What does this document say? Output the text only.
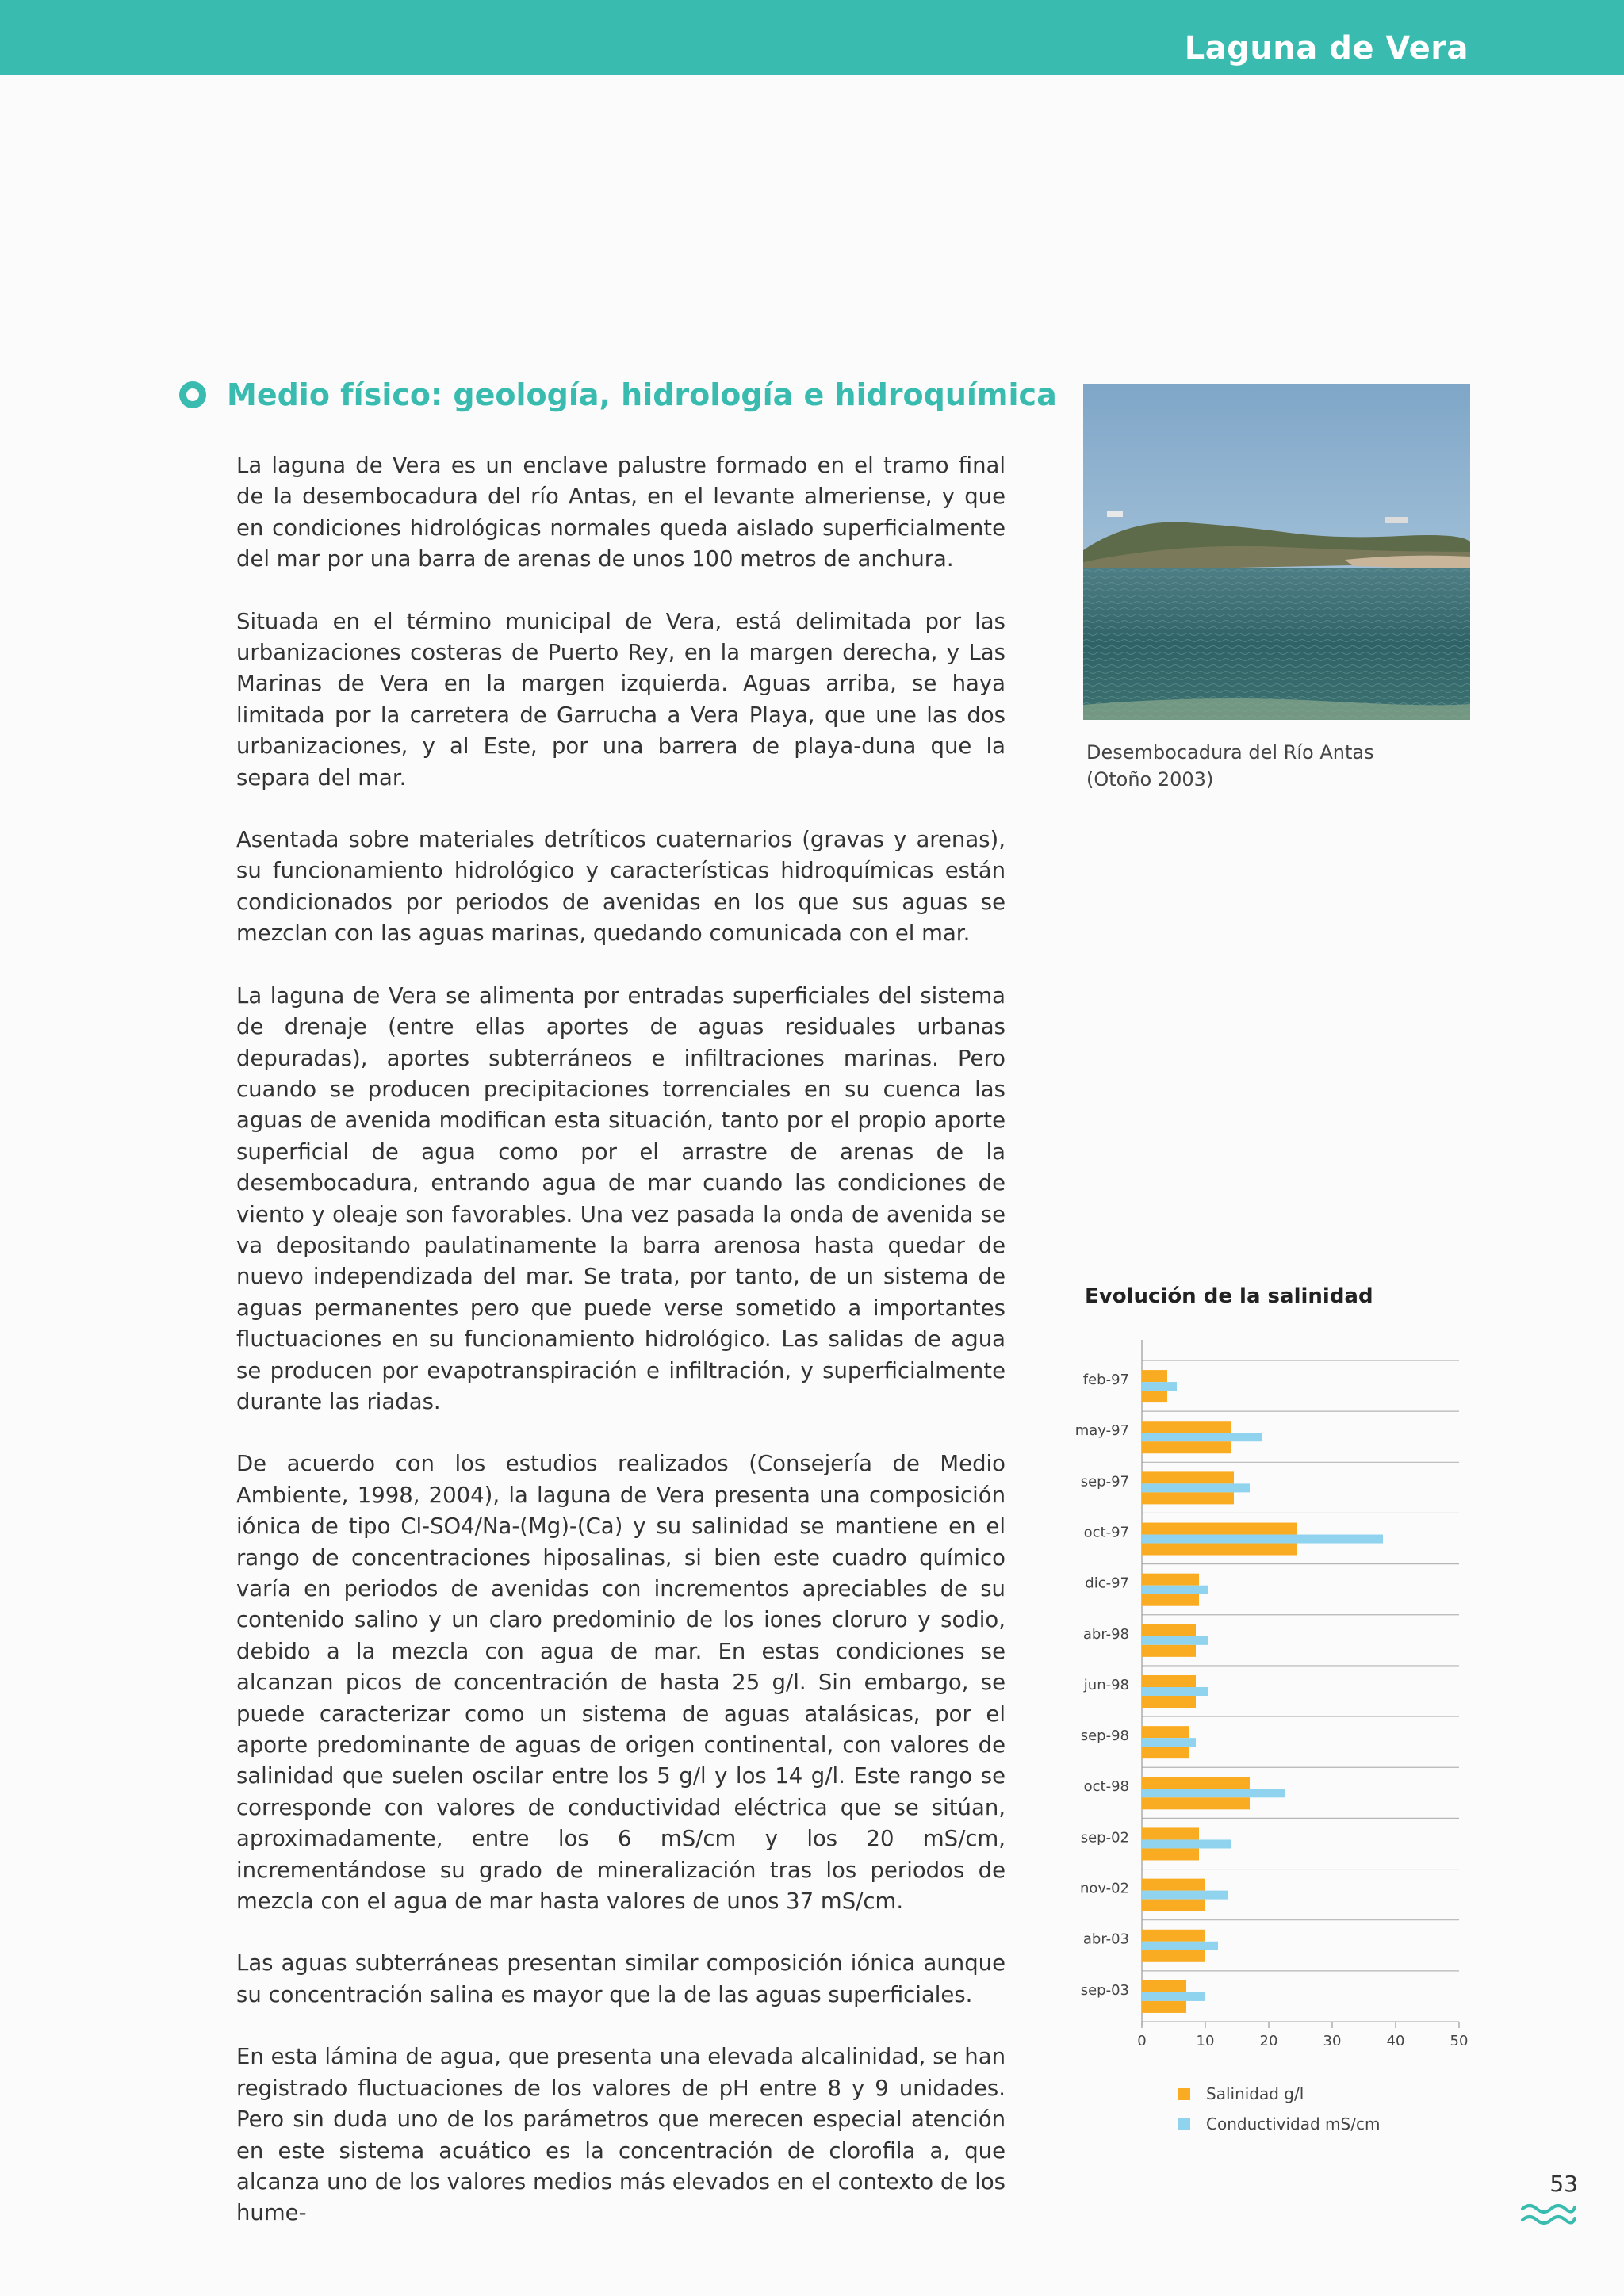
Laguna de Vera
Medio físico: geología, hidrología e hidroquímica

La laguna de Vera es un enclave palustre formado en el tramo final de la desembocadura del río Antas, en el levante almeriense, y que en condiciones hidrológicas normales queda aislado superficialmente del mar por una barra de arenas de unos 100 metros de anchura.

Situada en el término municipal de Vera, está delimitada por las urbanizaciones costeras de Puerto Rey, en la margen derecha, y Las Marinas de Vera en la margen izquierda. Aguas arriba, se haya limitada por la carretera de Garrucha a Vera Playa, que une las dos urbanizaciones, y al Este, por una barrera de playa-duna que la separa del mar.

Asentada sobre materiales detríticos cuaternarios (gravas y arenas), su funcionamiento hidrológico y características hidroquímicas están condicionados por periodos de avenidas en los que sus aguas se mezclan con las aguas marinas, quedando comunicada con el mar.

La laguna de Vera se alimenta por entradas superficiales del sistema de drenaje (entre ellas aportes de aguas residuales urbanas depuradas), aportes subterráneos e infiltraciones marinas. Pero cuando se producen precipitaciones torrenciales en su cuenca las aguas de avenida modifican esta situación, tanto por el propio aporte superficial de agua como por el arrastre de arenas de la desembocadura, entrando agua de mar cuando las condiciones de viento y oleaje son favorables. Una vez pasada la onda de avenida se va depositando paulatinamente la barra arenosa hasta quedar de nuevo independizada del mar. Se trata, por tanto, de un sistema de aguas permanentes pero que puede verse sometido a importantes fluctuaciones en su funcionamiento hidrológico. Las salidas de agua se producen por evapotranspiración e infiltración, y superficialmente durante las riadas.

De acuerdo con los estudios realizados (Consejería de Medio Ambiente, 1998, 2004), la laguna de Vera presenta una composición iónica de tipo Cl-SO4/Na-(Mg)-(Ca) y su salinidad se mantiene en el rango de concentraciones hiposalinas, si bien este cuadro químico varía en periodos de avenidas con incrementos apreciables de su contenido salino y un claro predominio de los iones cloruro y sodio, debido a la mezcla con agua de mar. En estas condiciones se alcanzan picos de concentración de hasta 25 g/l. Sin embargo, se puede caracterizar como un sistema de aguas atalásicas, por el aporte predominante de aguas de origen continental, con valores de salinidad que suelen oscilar entre los 5 g/l y los 14 g/l. Este rango se corresponde con valores de conductividad eléctrica que se sitúan, aproximadamente, entre los 6 mS/cm y los 20 mS/cm, incrementándose su grado de mineralización tras los periodos de mezcla con el agua de mar hasta valores de unos 37 mS/cm.

Las aguas subterráneas presentan similar composición iónica aunque su concentración salina es mayor que la de las aguas superficiales.

En esta lámina de agua, que presenta una elevada alcalinidad, se han registrado fluctuaciones de los valores de pH entre 8 y 9 unidades. Pero sin duda uno de los parámetros que merecen especial atención en este sistema acuático es la concentración de clorofila a, que alcanza uno de los valores medios más elevados en el contexto de los hume-

Desembocadura del Río Antas (Otoño 2003)
Evolución de la salinidad
feb-97
may-97
sep-97
oct-97
dic-97
abr-98
jun-98
sep-98
oct-98
sep-02
nov-02
abr-03
sep-03
0	10	20	30	40	50
Salinidad g/l
Conductividad mS/cm
53
